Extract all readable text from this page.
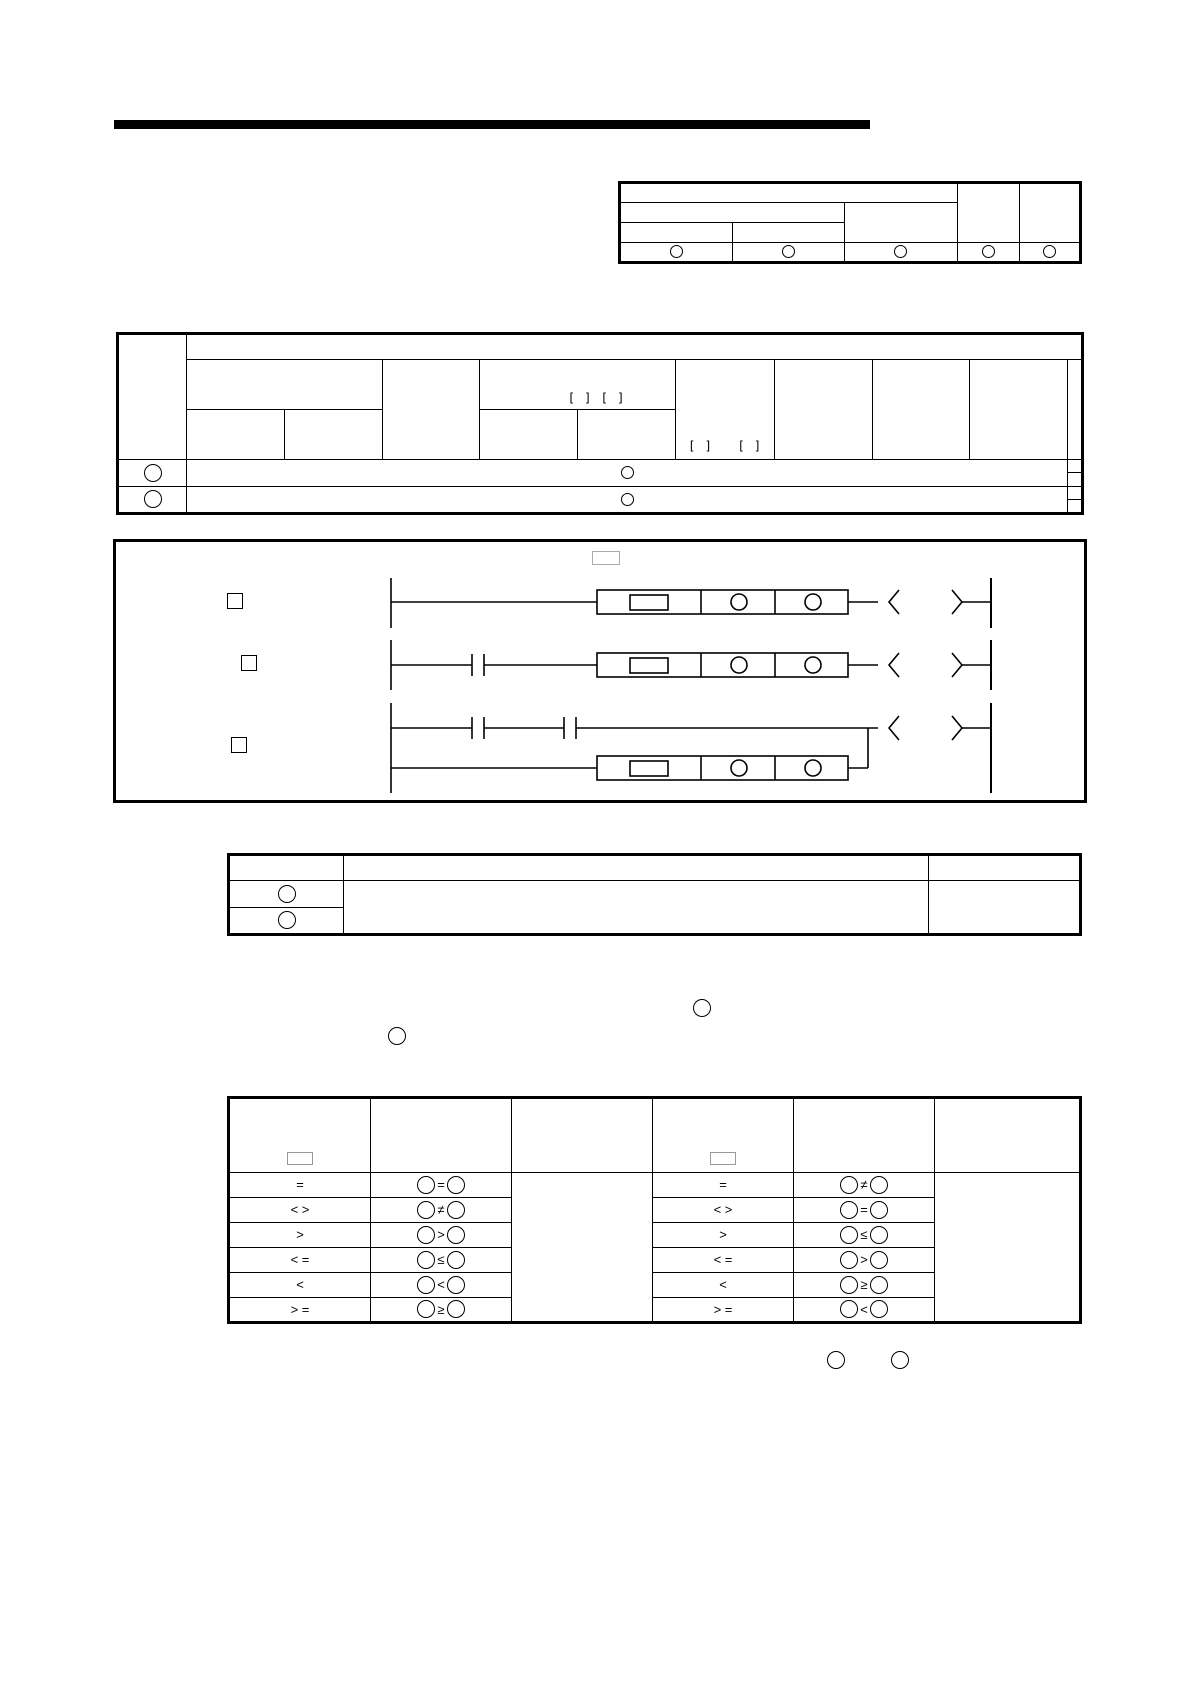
				[ ] [ ]		[ ]   [ ]				

=	=		=	≠	
< >	≠		< >	=	
>	>		>	≤	
< =	≤		< =	>	
<	<		<	≥	
> =	≥		> =	<	
